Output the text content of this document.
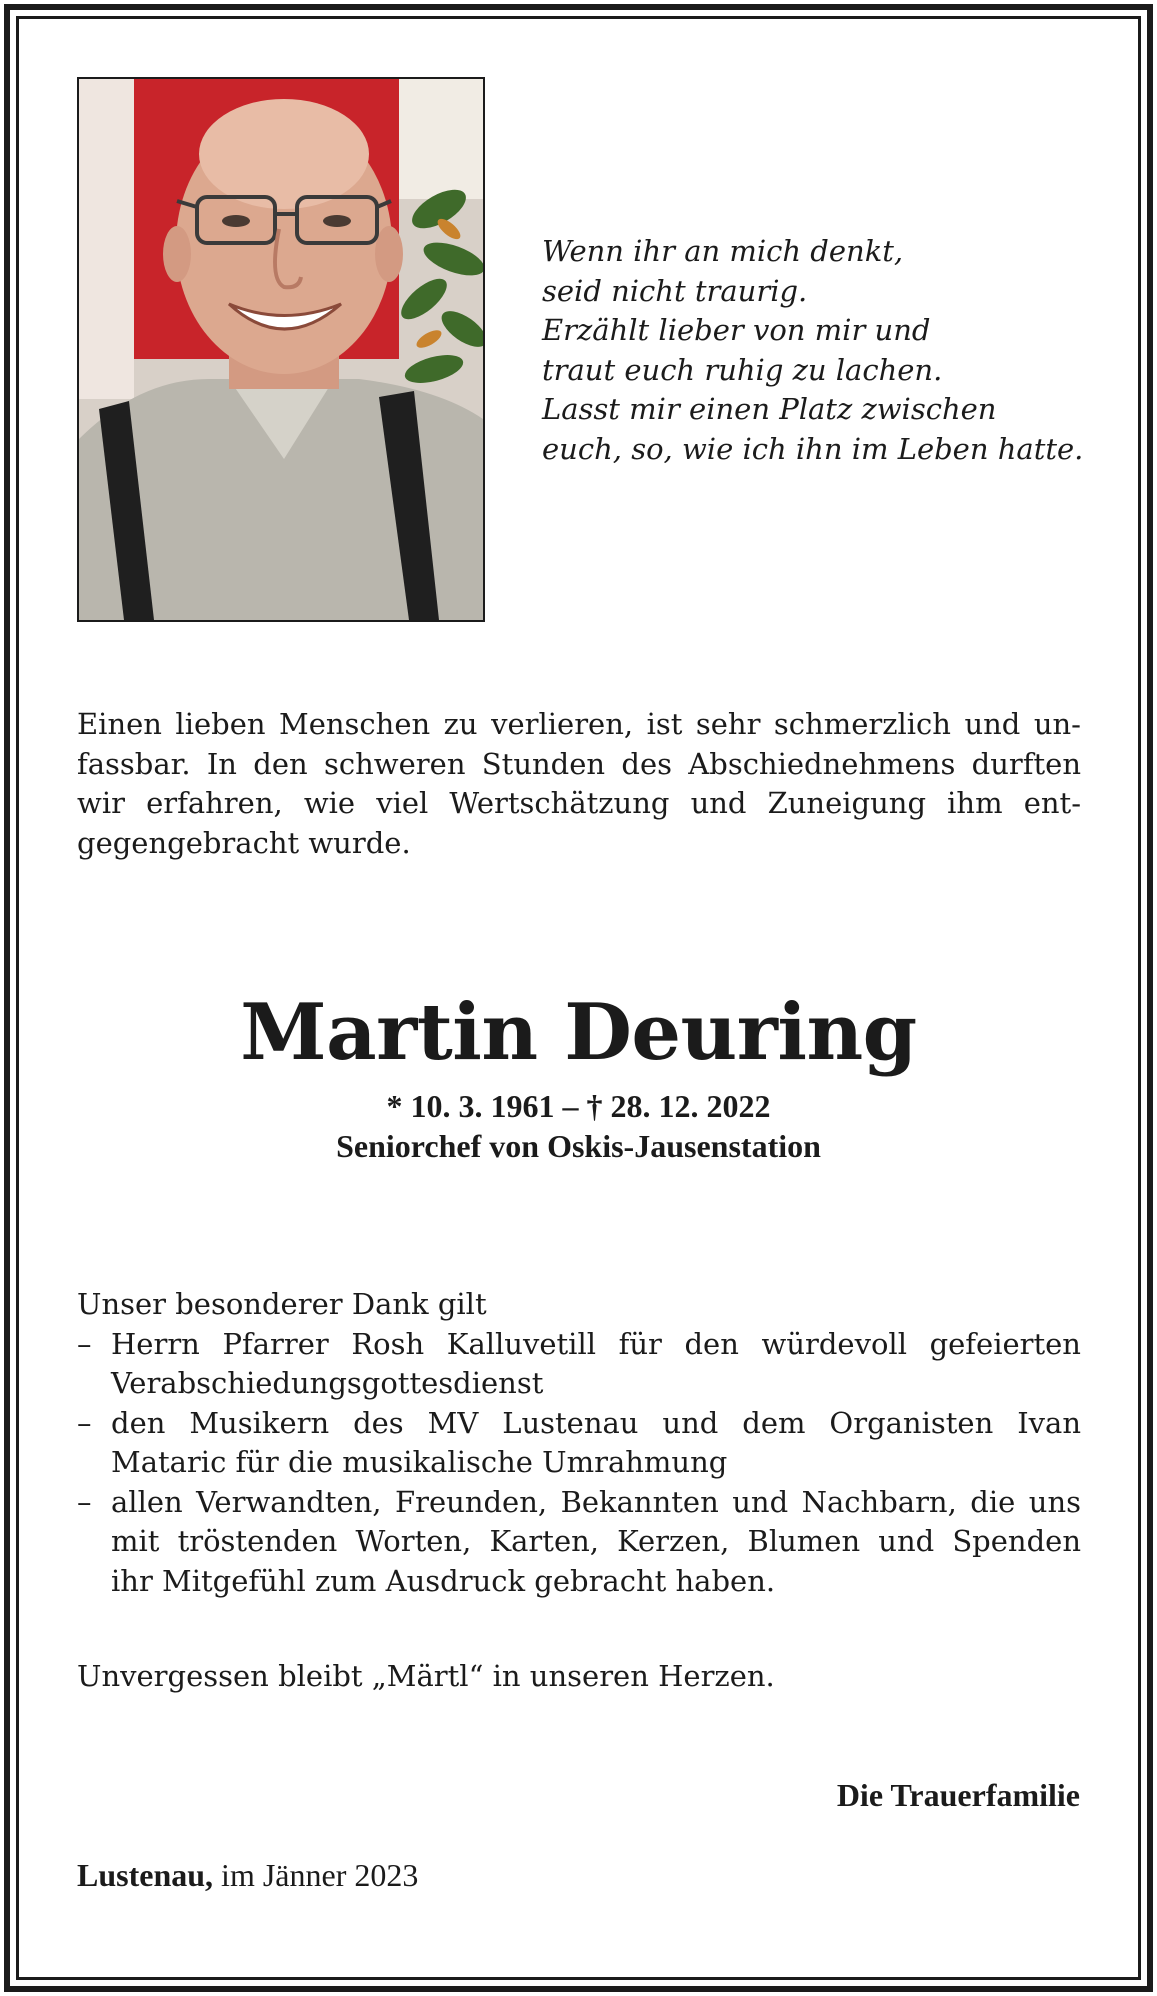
Wenn ihr an mich denkt,
seid nicht traurig.
Erzählt lieber von mir und
traut euch ruhig zu lachen.
Lasst mir einen Platz zwischen
euch, so, wie ich ihn im Leben hatte.
Einen lieben Menschen zu verlieren, ist sehr schmerzlich und un-
fassbar. In den schweren Stunden des Abschiednehmens durften
wir erfahren, wie viel Wertschätzung und Zuneigung ihm ent-
gegengebracht wurde.
Martin Deuring
* 10. 3. 1961 – † 28. 12. 2022
Seniorchef von Oskis-Jausenstation
Unser besonderer Dank gilt
– Herrn Pfarrer Rosh Kalluvetill für den würdevoll gefeierten
Verabschiedungsgottesdienst
– den Musikern des MV Lustenau und dem Organisten Ivan
Mataric für die musikalische Umrahmung
– allen Verwandten, Freunden, Bekannten und Nachbarn, die uns
mit tröstenden Worten, Karten, Kerzen, Blumen und Spenden
ihr Mitgefühl zum Ausdruck gebracht haben.
Unvergessen bleibt „Märtl“ in unseren Herzen.
Die Trauerfamilie
Lustenau, im Jänner 2023
